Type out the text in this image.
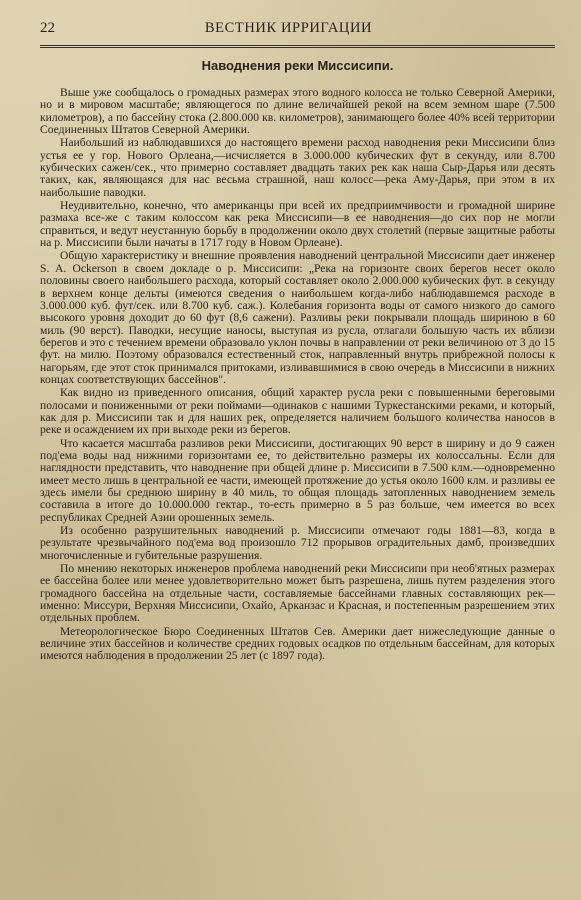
22	ВЕСТНИК ИРРИГАЦИИ
Наводнения реки Миссисипи.

Выше уже сообщалось о громадных размерах этого водного колосса не только Северной Америки, но и в мировом масштабе; являющегося по длине величайшей рекой на всем земном шаре (7.500 километров), а по бассейну стока (2.800.000 кв. километров), занимающего более 40% всей территории Соединенных Штатов Северной Америки.

Наибольший из наблюдавшихся до настоящего времени расход наводнения реки Миссисипи близ устья ее у гор. Нового Орлеана,—исчисляется в 3.000.000 кубических фут в секунду, или 8.700 кубических сажен/сек., что примерно составляет двадцать таких рек как наша Сыр-Дарья или десять таких, как, являющаяся для нас весьма страшной, наш колосс—река Аму-Дарья, при этом в их наибольшие паводки.

Неудивительно, конечно, что американцы при всей их предприимчивости и громадной ширине размаха все-же с таким колоссом как река Миссисипи—в ее наводнения—до сих пор не могли справиться, и ведут неустанную борьбу в продолжении около двух столетий (первые защитные работы на р. Миссисипи были начаты в 1717 году в Новом Орлеане).

Общую характеристику и внешние проявления наводнений центральной Миссисипи дает инженер S. A. Ockerson в своем докладе о р. Миссисипи: „Река на горизонте своих берегов несет около половины своего наибольшего расхода, который составляет около 2.000.000 кубических фут. в секунду в верхнем конце дельты (имеются сведения о наибольшем когда-либо наблюдавшемся расходе в 3.000.000 куб. фут/сек. или 8.700 куб. саж.). Колебания горизонта воды от самого низкого до самого высокого уровня доходит до 60 фут (8,6 сажени). Разливы реки покрывали площадь шириною в 60 миль (90 верст). Паводки, несущие наносы, выступая из русла, отлагали большую часть их вблизи берегов и это с течением времени образовало уклон почвы в направлении от реки величиною от 3 до 15 фут. на милю. Поэтому образовался естественный сток, направленный внутрь прибрежной полосы к нагорьям, где этот сток принимался притоками, изливавшимися в свою очередь в Миссисипи в нижних концах соответствующих бассейнов".

Как видно из приведенного описания, общий характер русла реки с повышенными береговыми полосами и пониженными от реки поймами—одинаков с нашими Туркестанскими реками, и который, как для р. Миссисипи так и для наших рек, определяется наличием большого количества наносов в реке и осаждением их при выходе реки из берегов.

Что касается масштаба разливов реки Миссисипи, достигающих 90 верст в ширину и до 9 сажен под'ема воды над нижними горизонтами ее, то действительно размеры их колоссальны. Если для наглядности представить, что наводнение при общей длине р. Миссисипи в 7.500 клм.—одновременно имеет место лишь в центральной ее части, имеющей протяжение до устья около 1600 клм. и разливы ее здесь имели бы среднюю ширину в 40 миль, то общая площадь затопленных наводнением земель составила в итоге до 10.000.000 гектар., то-есть примерно в 5 раз больше, чем имеется во всех республиках Средней Азии орошенных земель.

Из особенно разрушительных наводнений р. Миссисипи отмечают годы 1881—83, когда в результате чрезвычайного под'ема вод произошло 712 прорывов оградительных дамб, произведших многочисленные и губительные разрушения.

По мнению некоторых инженеров проблема наводнений реки Миссисипи при необ'ятных размерах ее бассейна более или менее удовлетворительно может быть разрешена, лишь путем разделения этого громадного бассейна на отдельные части, составляемые бассейнами главных составляющих рек—именно: Миссури, Верхняя Миссисипи, Охайо, Арканзас и Красная, и постепенным разрешением этих отдельных проблем.

Метеорологическое Бюро Соединенных Штатов Сев. Америки дает нижеследующие данные о величине этих бассейнов и количестве средних годовых осадков по отдельным бассейнам, для которых имеются наблюдения в продолжении 25 лет (с 1897 года).
